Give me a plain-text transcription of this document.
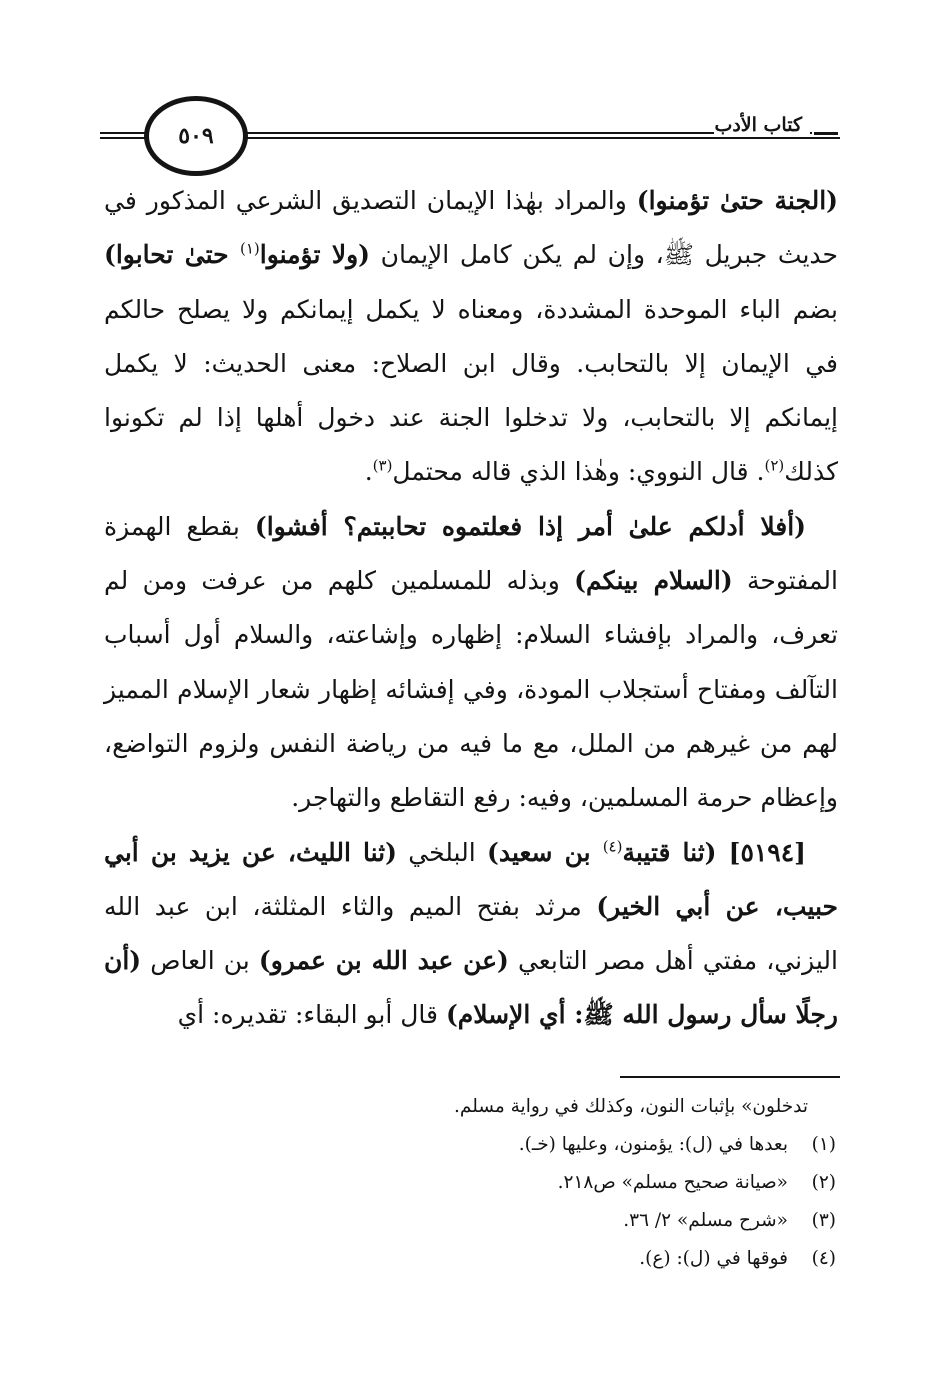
كتاب الأدب
٥٠٩

(الجنة حتىٰ تؤمنوا) والمراد بهٰذا الإيمان التصديق الشرعي المذكور في حديث جبريل ﷺ، وإن لم يكن كامل الإيمان (ولا تؤمنوا$^{(١)}$ حتىٰ تحابوا) بضم الباء الموحدة المشددة، ومعناه لا يكمل إيمانكم ولا يصلح حالكم في الإيمان إلا بالتحابب. وقال ابن الصلاح: معنى الحديث: لا يكمل إيمانكم إلا بالتحابب، ولا تدخلوا الجنة عند دخول أهلها إذا لم تكونوا كذلك$^{(٢)}$. قال النووي: وهٰذا الذي قاله محتمل$^{(٣)}$.

(أفلا أدلكم علىٰ أمر إذا فعلتموه تحاببتم؟ أفشوا) بقطع الهمزة المفتوحة (السلام بينكم) وبذله للمسلمين كلهم من عرفت ومن لم تعرف، والمراد بإفشاء السلام: إظهاره وإشاعته، والسلام أول أسباب التآلف ومفتاح أستجلاب المودة، وفي إفشائه إظهار شعار الإسلام المميز لهم من غيرهم من الملل، مع ما فيه من رياضة النفس ولزوم التواضع، وإعظام حرمة المسلمين، وفيه: رفع التقاطع والتهاجر.

[٥١٩٤] (ثنا قتيبة$^{(٤)}$ بن سعيد) البلخي (ثنا الليث، عن يزيد بن أبي حبيب، عن أبي الخير) مرثد بفتح الميم والثاء المثلثة، ابن عبد الله اليزني، مفتي أهل مصر التابعي (عن عبد الله بن عمرو) بن العاص (أن رجلًا سأل رسول الله ﷺ: أي الإسلام) قال أبو البقاء: تقديره: أي

تدخلون» بإثبات النون، وكذلك في رواية مسلم.

(١)
بعدها في (ل): يؤمنون، وعليها (خـ).

(٢)
«صيانة صحيح مسلم» ص٢١٨.

(٣)
«شرح مسلم» ٢/ ٣٦.

(٤)
فوقها في (ل): (ع).
